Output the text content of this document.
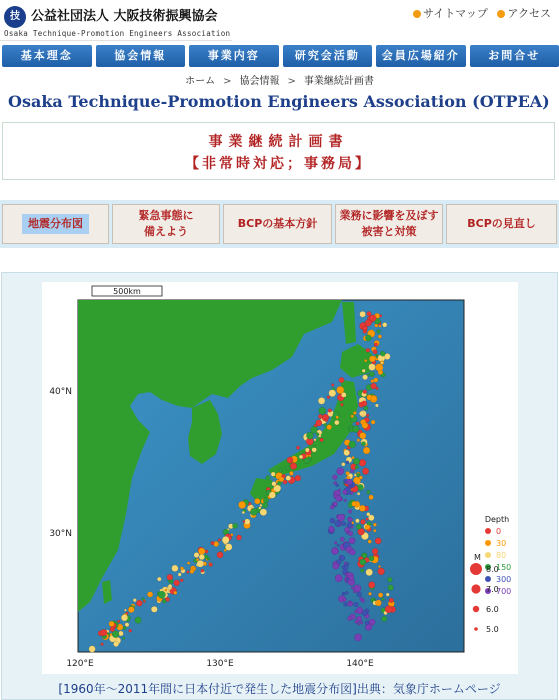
技 公益社団法人 大阪技術振興協会
Osaka Technique-Promotion Engineers Association
サイトマップ アクセス
基本理念	協会情報	事業内容	研究会活動	会員広場紹介	お問合せ
ホーム > 協会情報 > 事業継続計画書
Osaka Technique-Promotion Engineers Association (OTPEA)
事業継続計画書
【非常時対応；事務局】
地震分布図
緊急事態に
備えよう
BCPの基本方針
業務に影響を及ぼす
被害と対策
BCPの見直し
500km
40°N
30°N
120°E	130°E	140°E
Depth
0
30
80
150
300
700
M
8.0
7.0
6.0
5.0
[1960年～2011年間に日本付近で発生した地震分布図]出典：気象庁ホームページ
